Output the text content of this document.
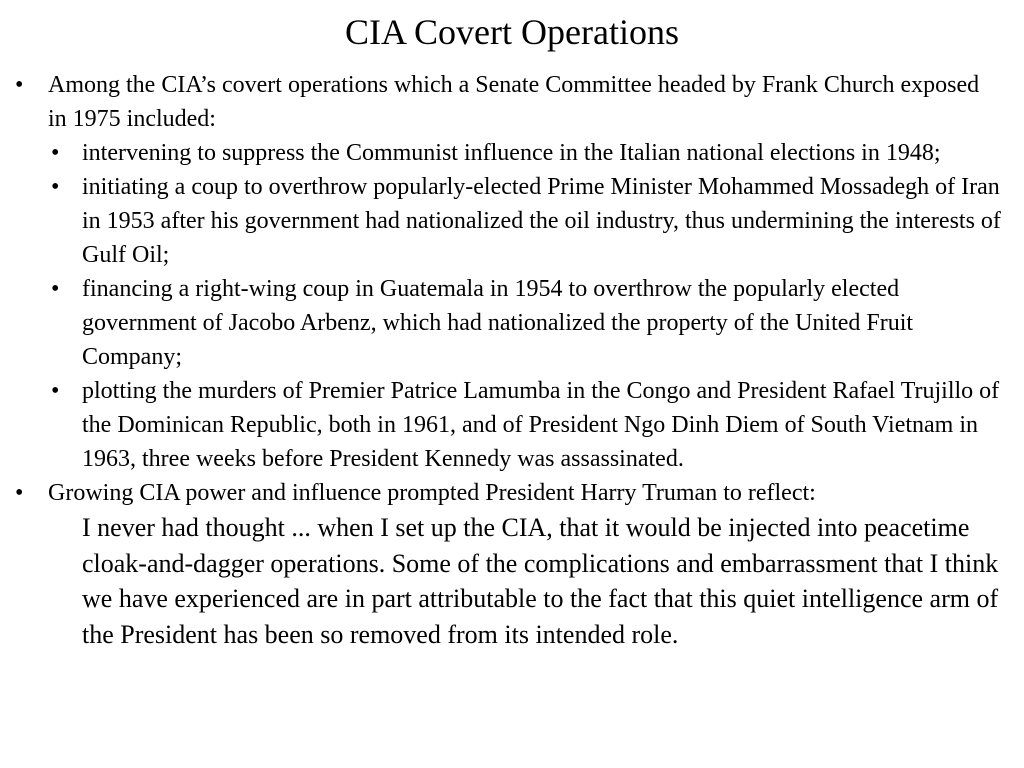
CIA Covert Operations
• Among the CIA’s covert operations which a Senate Committee headed by Frank Church exposed in 1975 included:
• intervening to suppress the Communist influence in the Italian national elections in 1948;
• initiating a coup to overthrow popularly-elected Prime Minister Mohammed Mossadegh of Iran in 1953 after his government had nationalized the oil industry, thus undermining the interests of Gulf Oil;
• financing a right-wing coup in Guatemala in 1954 to overthrow the popularly elected government of Jacobo Arbenz, which had nationalized the property of the United Fruit Company;
• plotting the murders of Premier Patrice Lamumba in the Congo and President Rafael Trujillo of the Dominican Republic, both in 1961, and of President Ngo Dinh Diem of South Vietnam in 1963, three weeks before President Kennedy was assassinated.
• Growing CIA power and influence prompted President Harry Truman to reflect:
I never had thought ... when I set up the CIA, that it would be injected into peacetime cloak-and-dagger operations. Some of the complications and embarrassment that I think we have experienced are in part attributable to the fact that this quiet intelligence arm of the President has been so removed from its intended role.
